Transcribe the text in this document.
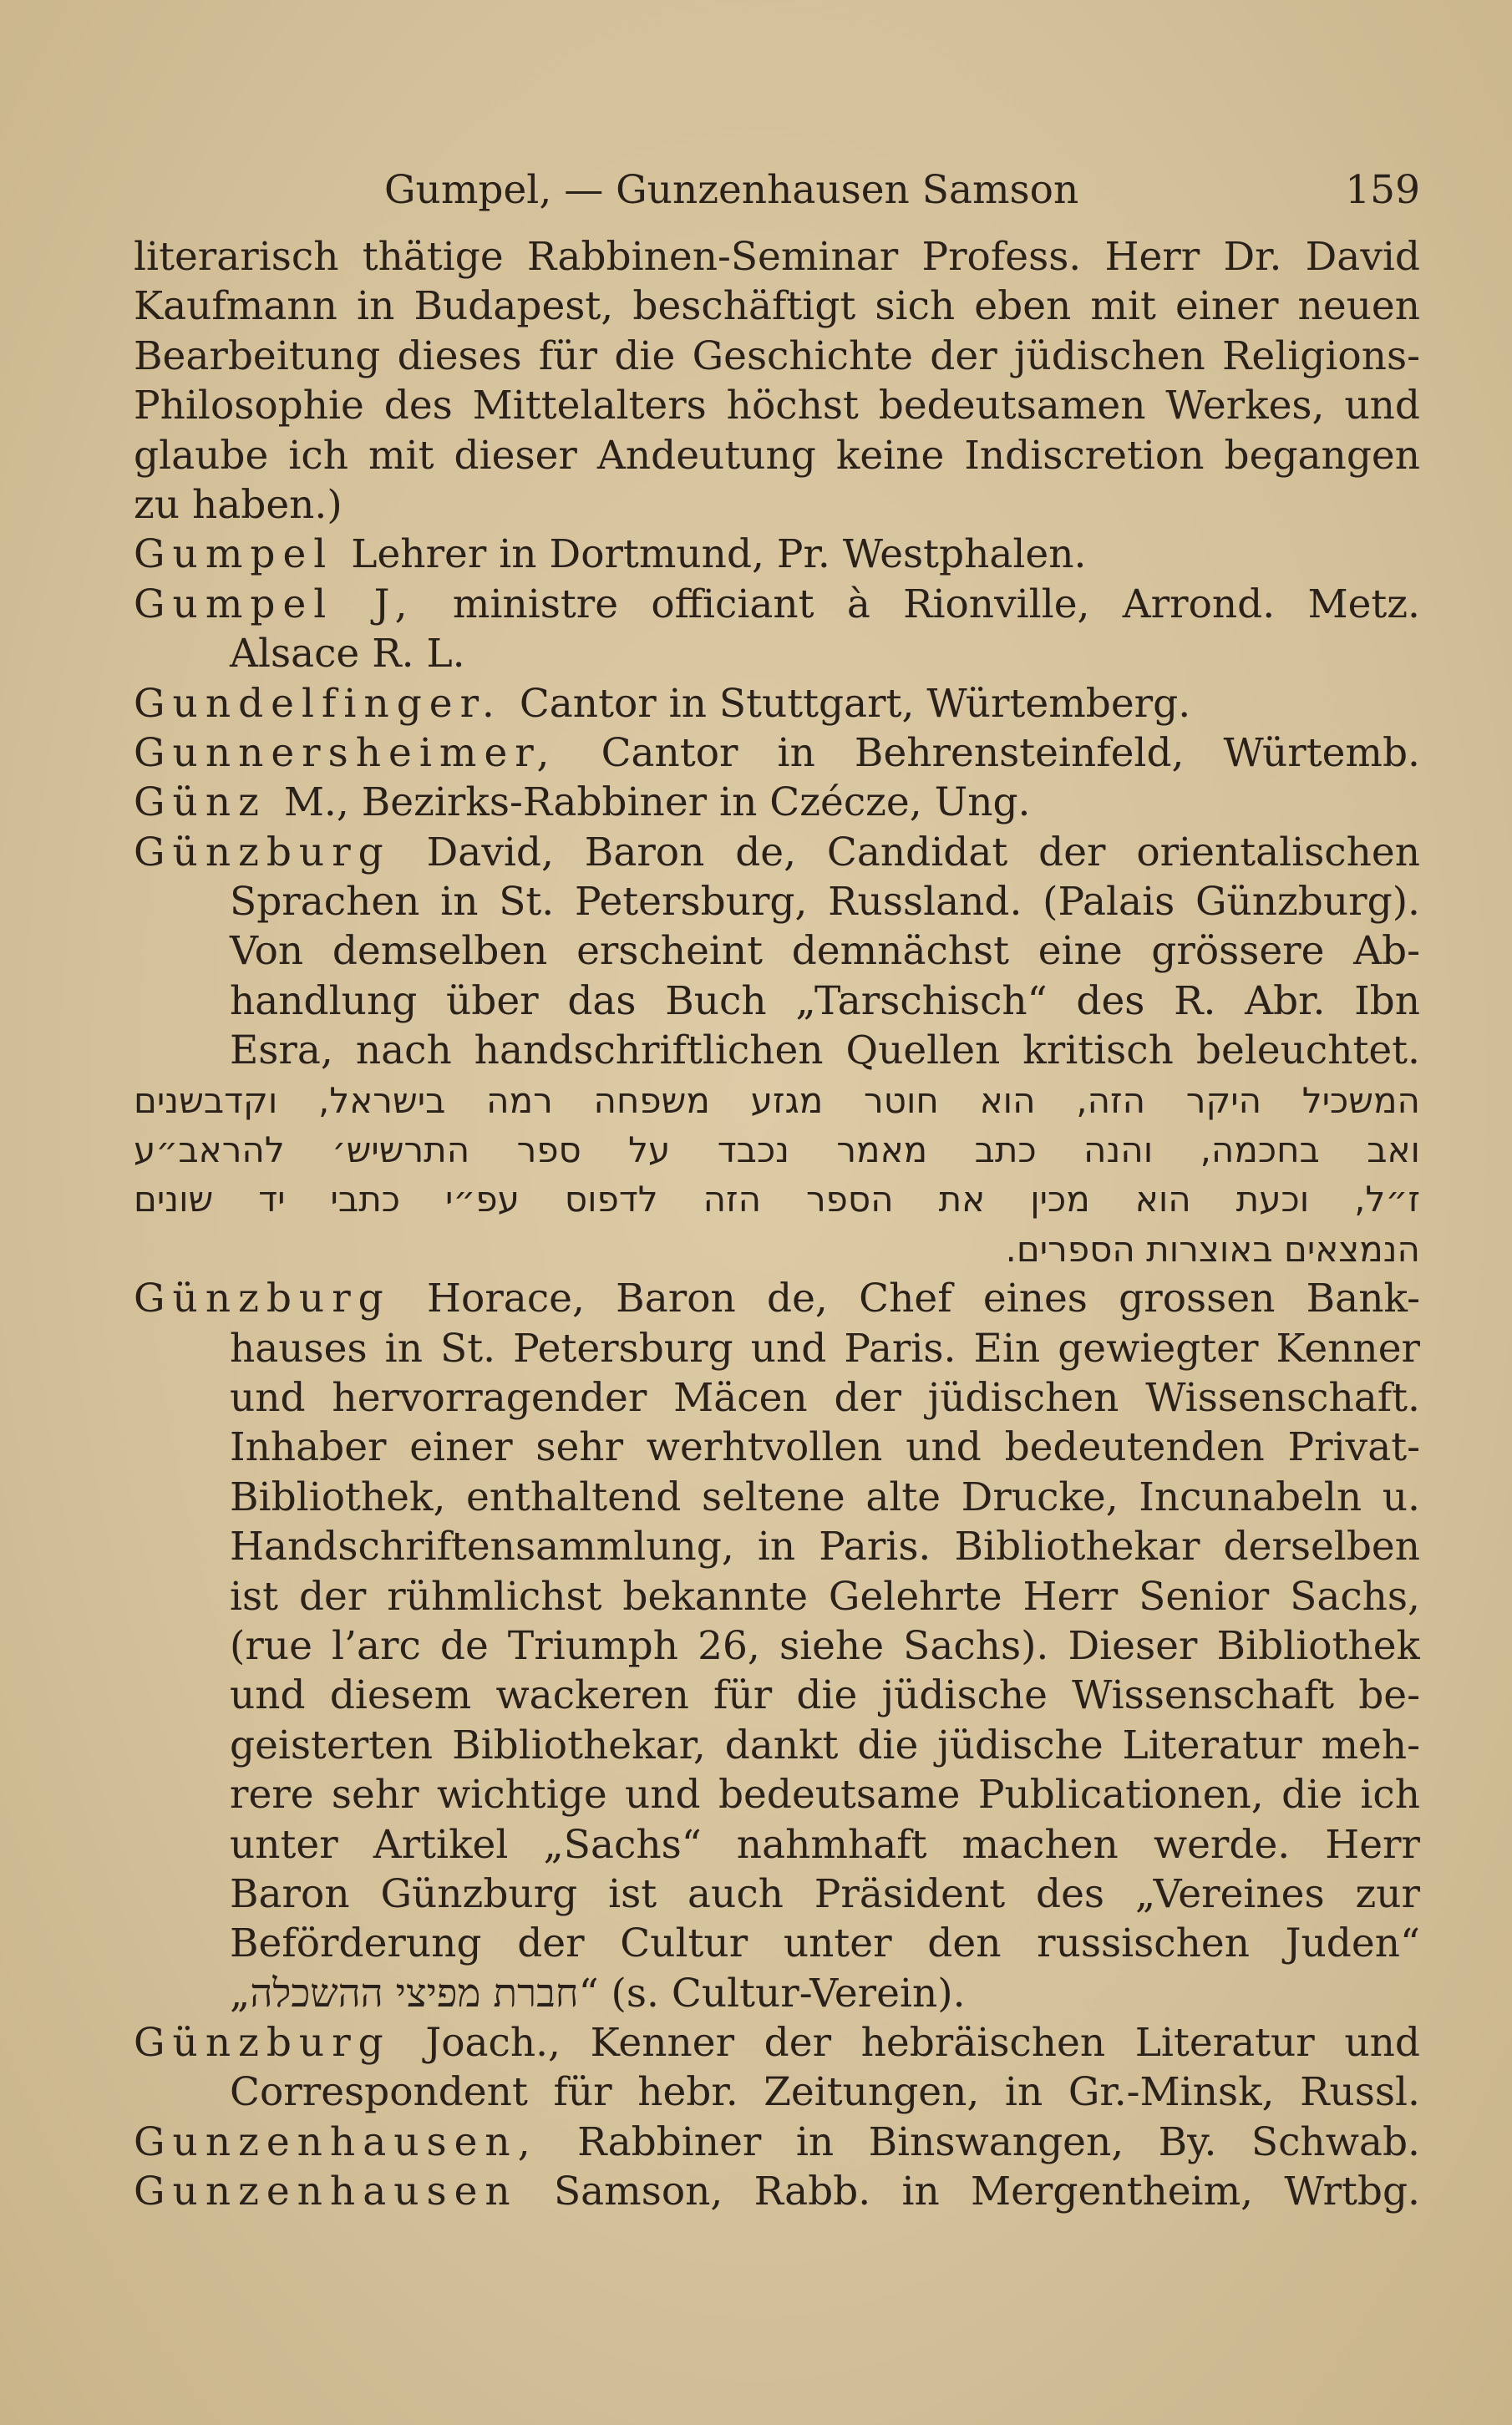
Gumpel, — Gunzenhausen Samson	159
literarisch thätige Rabbinen-Seminar Profess. Herr Dr. David
Kaufmann in Budapest, beschäftigt sich eben mit einer neuen
Bearbeitung dieses für die Geschichte der jüdischen Religions-
Philosophie des Mittelalters höchst bedeutsamen Werkes, und
glaube ich mit dieser Andeutung keine Indiscretion begangen
zu haben.)
Gumpel Lehrer in Dortmund, Pr. Westphalen.
Gumpel J, ministre officiant à Rionville, Arrond. Metz.
Alsace R. L.
Gundelfinger. Cantor in Stuttgart, Würtemberg.
Gunnersheimer, Cantor in Behrensteinfeld, Würtemb.
Günz M., Bezirks-Rabbiner in Czécze, Ung.
Günzburg David, Baron de, Candidat der orientalischen
Sprachen in St. Petersburg, Russland. (Palais Günzburg).
Von demselben erscheint demnächst eine grössere Ab-
handlung über das Buch „Tarschisch“ des R. Abr. Ibn
Esra, nach handschriftlichen Quellen kritisch beleuchtet.
המשכיל היקר הזה, הוא חוטר מגזע משפחה רמה בישראל, וקדבשנים
ואב בחכמה, והנה כתב מאמר נכבד על ספר התרשיש׳ להראב״ע
ז״ל, וכעת הוא מכין את הספר הזה לדפוס עפ״י כתבי יד שונים
הנמצאים באוצרות הספרים.
Günzburg Horace, Baron de, Chef eines grossen Bank-
hauses in St. Petersburg und Paris. Ein gewiegter Kenner
und hervorragender Mäcen der jüdischen Wissenschaft.
Inhaber einer sehr werhtvollen und bedeutenden Privat-
Bibliothek, enthaltend seltene alte Drucke, Incunabeln u.
Handschriftensammlung, in Paris. Bibliothekar derselben
ist der rühmlichst bekannte Gelehrte Herr Senior Sachs,
(rue l’arc de Triumph 26, siehe Sachs). Dieser Bibliothek
und diesem wackeren für die jüdische Wissenschaft be-
geisterten Bibliothekar, dankt die jüdische Literatur meh-
rere sehr wichtige und bedeutsame Publicationen, die ich
unter Artikel „Sachs“ nahmhaft machen werde. Herr
Baron Günzburg ist auch Präsident des „Vereines zur
Beförderung der Cultur unter den russischen Juden“
„חברת מפיצי ההשכלה“ (s. Cultur-Verein).
Günzburg Joach., Kenner der hebräischen Literatur und
Correspondent für hebr. Zeitungen, in Gr.-Minsk, Russl.
Gunzenhausen, Rabbiner in Binswangen, By. Schwab.
Gunzenhausen Samson, Rabb. in Mergentheim, Wrtbg.
